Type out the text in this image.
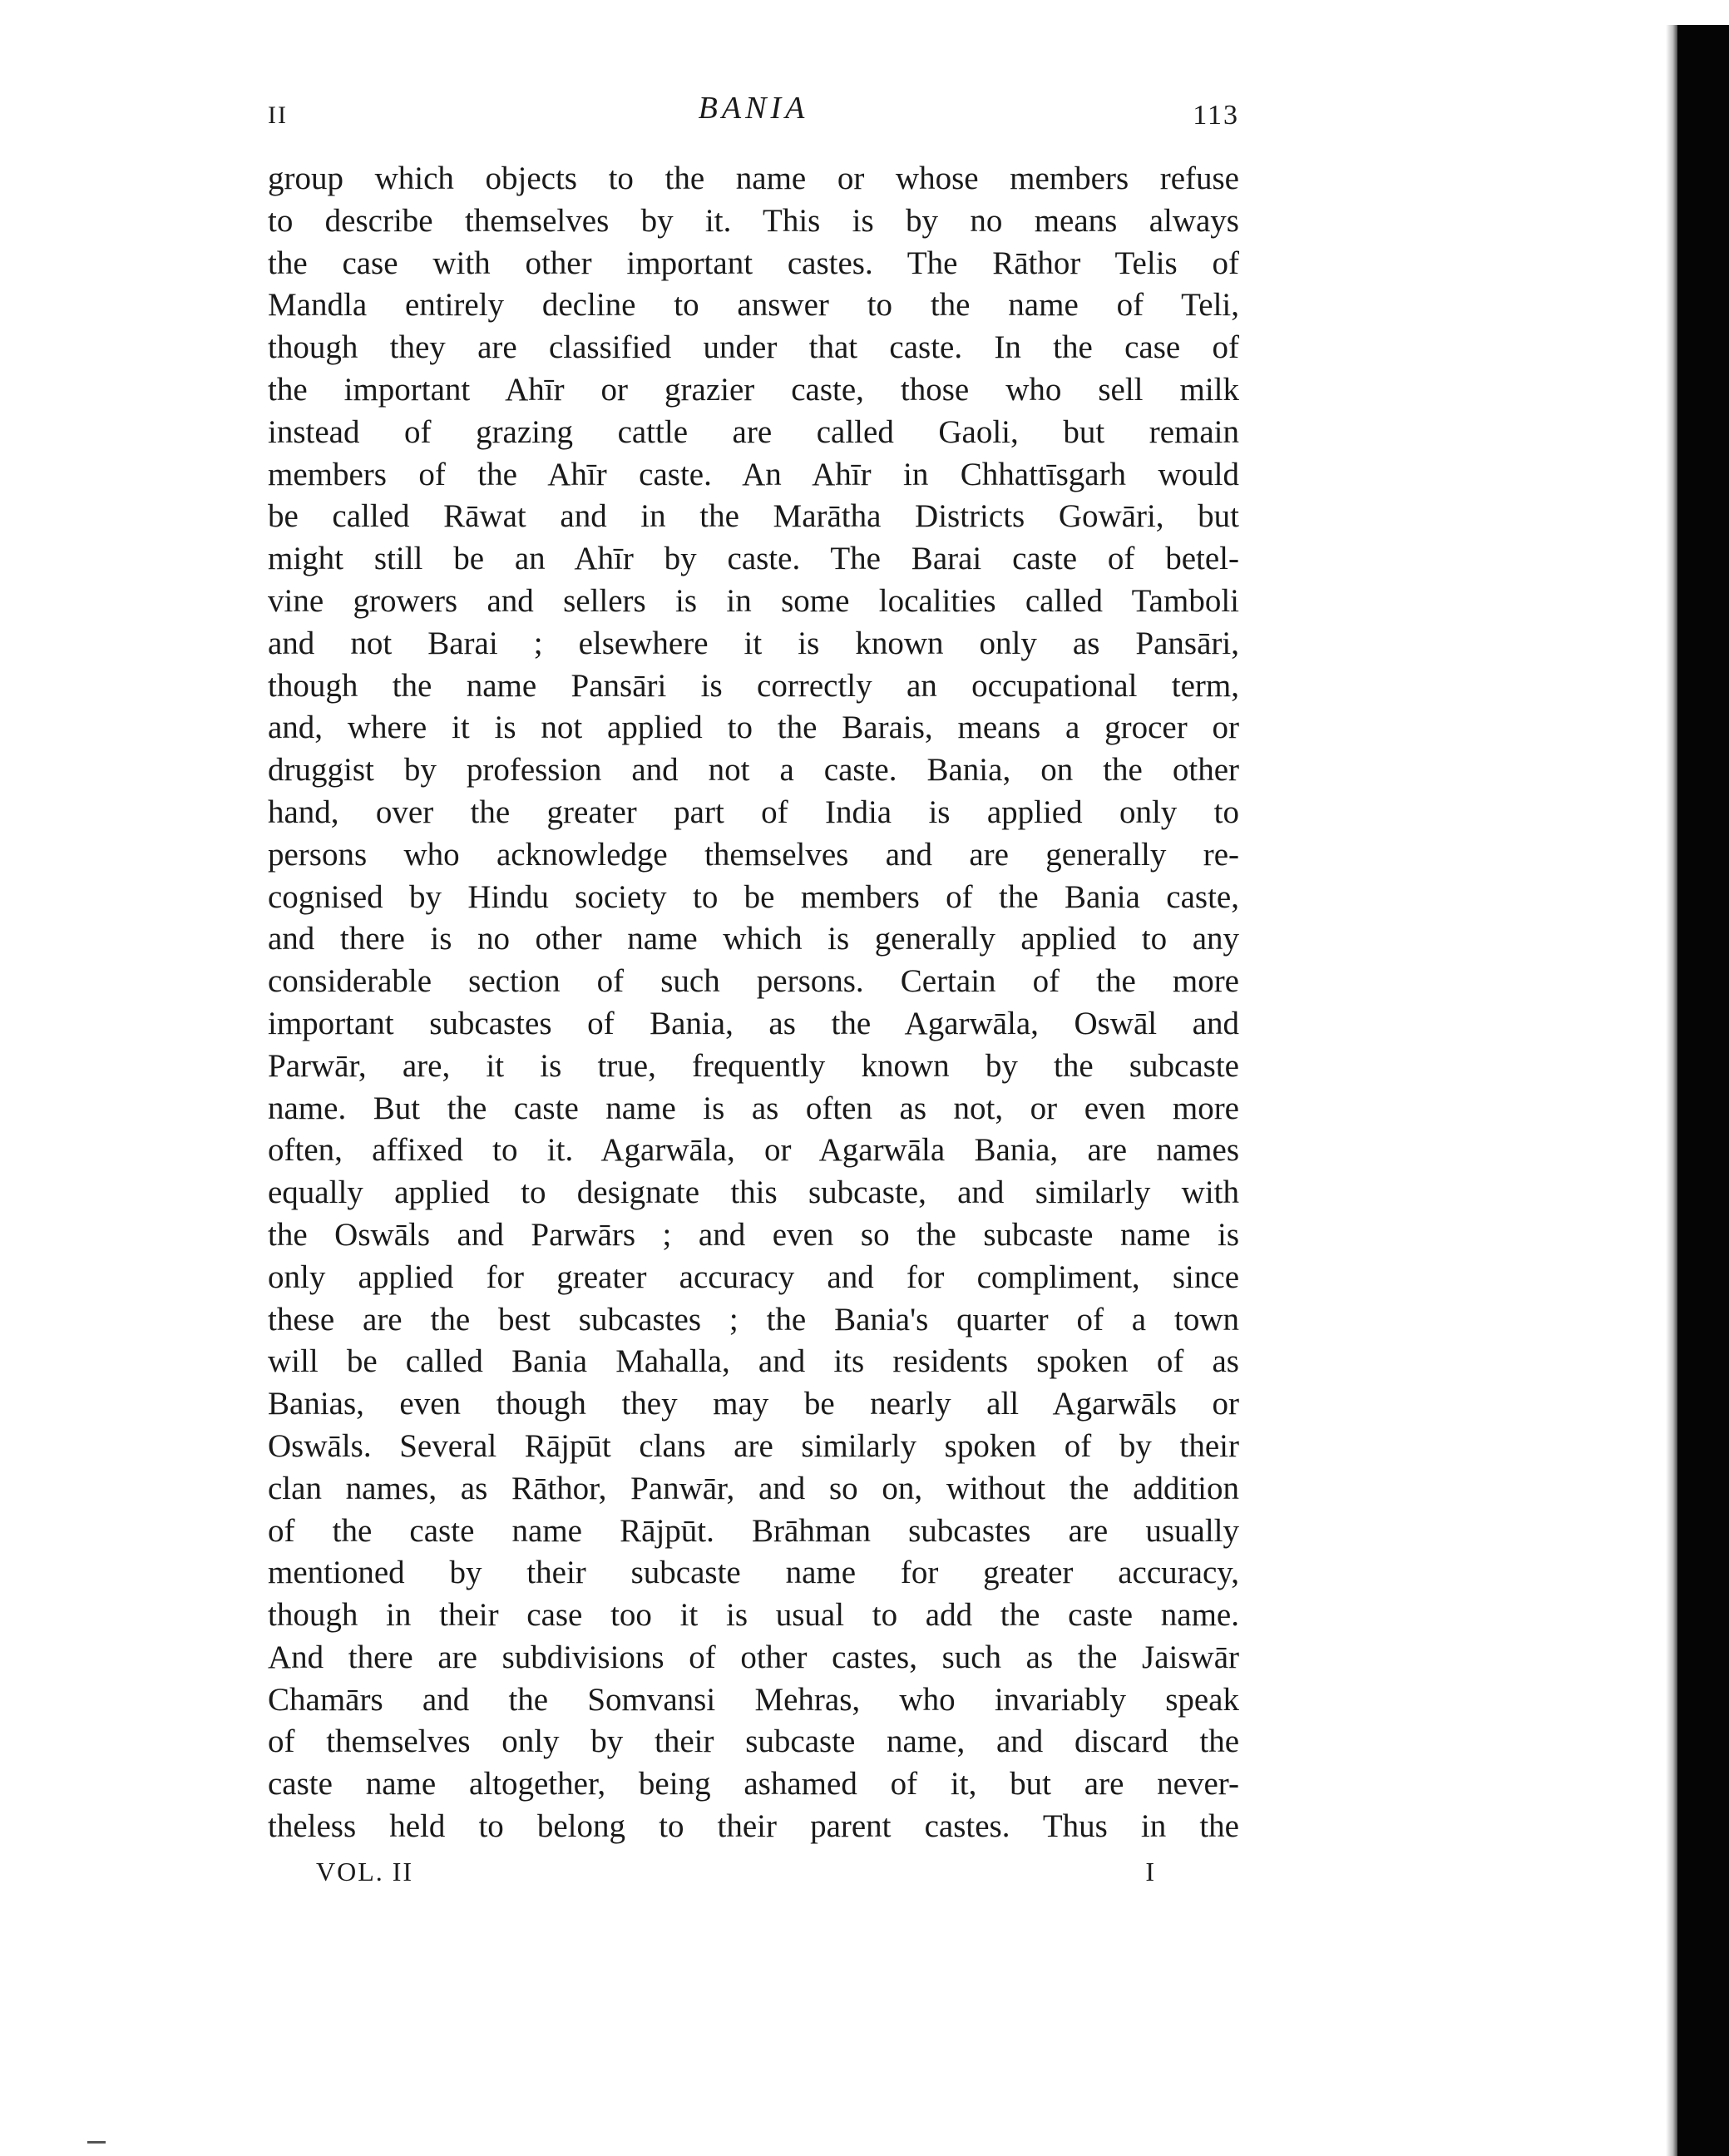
II	BANIA	113
group which objects to the name or whose members refuse
to describe themselves by it. This is by no means always
the case with other important castes. The Rāthor Telis of
Mandla entirely decline to answer to the name of Teli,
though they are classified under that caste. In the case of
the important Ahīr or grazier caste, those who sell milk
instead of grazing cattle are called Gaoli, but remain
members of the Ahīr caste. An Ahīr in Chhattīsgarh would
be called Rāwat and in the Marātha Districts Gowāri, but
might still be an Ahīr by caste. The Barai caste of betel-
vine growers and sellers is in some localities called Tamboli
and not Barai ; elsewhere it is known only as Pansāri,
though the name Pansāri is correctly an occupational term,
and, where it is not applied to the Barais, means a grocer or
druggist by profession and not a caste. Bania, on the other
hand, over the greater part of India is applied only to
persons who acknowledge themselves and are generally re-
cognised by Hindu society to be members of the Bania caste,
and there is no other name which is generally applied to any
considerable section of such persons. Certain of the more
important subcastes of Bania, as the Agarwāla, Oswāl and
Parwār, are, it is true, frequently known by the subcaste
name. But the caste name is as often as not, or even more
often, affixed to it. Agarwāla, or Agarwāla Bania, are names
equally applied to designate this subcaste, and similarly with
the Oswāls and Parwārs ; and even so the subcaste name is
only applied for greater accuracy and for compliment, since
these are the best subcastes ; the Bania's quarter of a town
will be called Bania Mahalla, and its residents spoken of as
Banias, even though they may be nearly all Agarwāls or
Oswāls. Several Rājpūt clans are similarly spoken of by their
clan names, as Rāthor, Panwār, and so on, without the addition
of the caste name Rājpūt. Brāhman subcastes are usually
mentioned by their subcaste name for greater accuracy,
though in their case too it is usual to add the caste name.
And there are subdivisions of other castes, such as the Jaiswār
Chamārs and the Somvansi Mehras, who invariably speak
of themselves only by their subcaste name, and discard the
caste name altogether, being ashamed of it, but are never-
theless held to belong to their parent castes. Thus in the
VOL. II	I
